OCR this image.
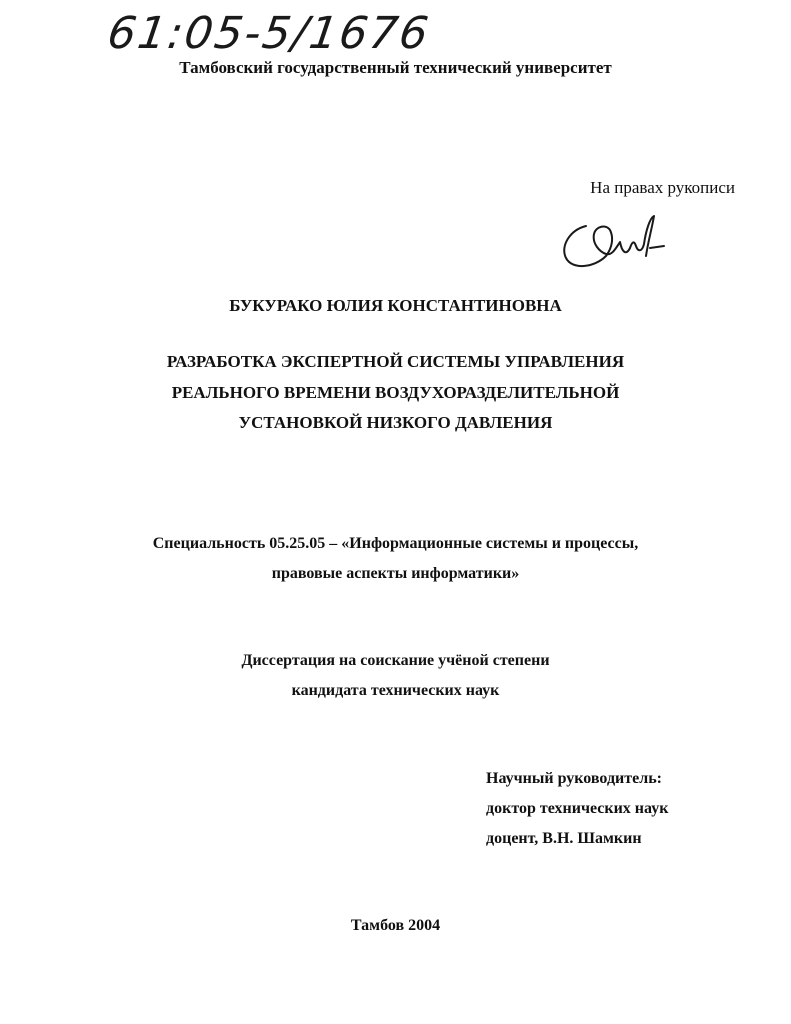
61:05-5/1676
Тамбовский государственный технический университет
На правах рукописи
БУКУРАКО ЮЛИЯ КОНСТАНТИНОВНА
РАЗРАБОТКА ЭКСПЕРТНОЙ СИСТЕМЫ УПРАВЛЕНИЯ
РЕАЛЬНОГО ВРЕМЕНИ ВОЗДУХОРАЗДЕЛИТЕЛЬНОЙ
УСТАНОВКОЙ НИЗКОГО ДАВЛЕНИЯ
Специальность 05.25.05 – «Информационные системы и процессы,
правовые аспекты информатики»
Диссертация на соискание учёной степени
кандидата технических наук
Научный руководитель:
доктор технических наук
доцент, В.Н. Шамкин
Тамбов 2004
